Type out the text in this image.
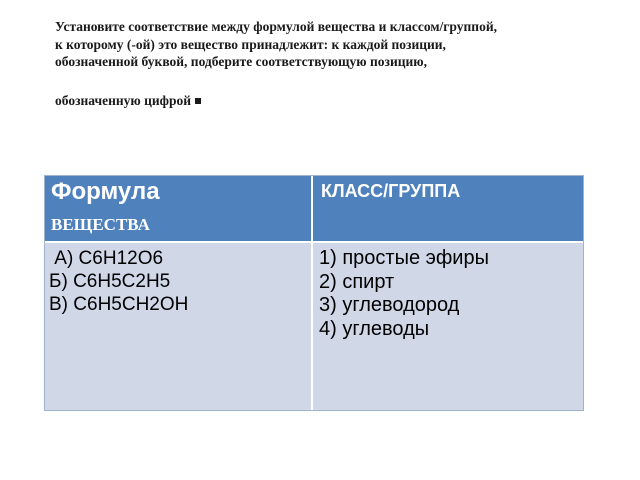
Установите соответствие между формулой вещества и классом/группой,
к которому (-ой) это вещество принадлежит: к каждой позиции,
обозначенной буквой, подберите соответствующую позицию,
обозначенную цифрой
Формула
ВЕЩЕСТВА
КЛАСС/ГРУППА
А) С6Н12О6
Б) С6Н5С2Н5
В) С6Н5СН2ОН
1) простые эфиры
2) спирт
3) углеводород
4) углеводы
